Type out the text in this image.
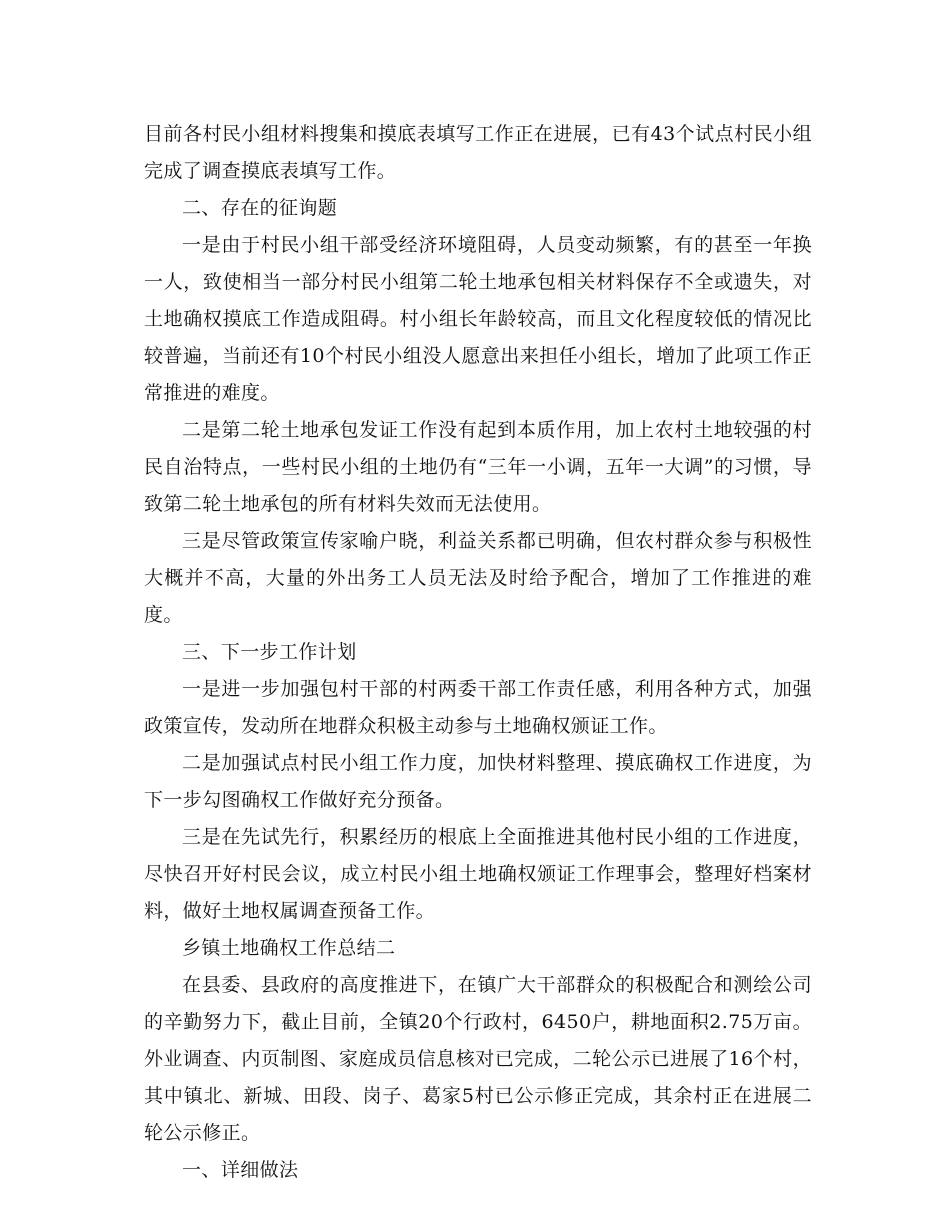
目前各村民小组材料搜集和摸底表填写工作正在进展，已有43个试点村民小组完成了调查摸底表填写工作。

二、存在的征询题

一是由于村民小组干部受经济环境阻碍，人员变动频繁，有的甚至一年换一人，致使相当一部分村民小组第二轮土地承包相关材料保存不全或遗失，对土地确权摸底工作造成阻碍。村小组长年龄较高，而且文化程度较低的情况比较普遍，当前还有10个村民小组没人愿意出来担任小组长，增加了此项工作正常推进的难度。

二是第二轮土地承包发证工作没有起到本质作用，加上农村土地较强的村民自治特点，一些村民小组的土地仍有“三年一小调，五年一大调”的习惯，导致第二轮土地承包的所有材料失效而无法使用。

三是尽管政策宣传家喻户晓，利益关系都已明确，但农村群众参与积极性大概并不高，大量的外出务工人员无法及时给予配合，增加了工作推进的难度。

三、下一步工作计划

一是进一步加强包村干部的村两委干部工作责任感，利用各种方式，加强政策宣传，发动所在地群众积极主动参与土地确权颁证工作。

二是加强试点村民小组工作力度，加快材料整理、摸底确权工作进度，为下一步勾图确权工作做好充分预备。

三是在先试先行，积累经历的根底上全面推进其他村民小组的工作进度，尽快召开好村民会议，成立村民小组土地确权颁证工作理事会，整理好档案材料，做好土地权属调查预备工作。

乡镇土地确权工作总结二

在县委、县政府的高度推进下，在镇广大干部群众的积极配合和测绘公司的辛勤努力下，截止目前，全镇20个行政村，6450户，耕地面积2.75万亩。外业调查、内页制图、家庭成员信息核对已完成，二轮公示已进展了16个村，其中镇北、新城、田段、岗子、葛家5村已公示修正完成，其余村正在进展二轮公示修正。

一、详细做法
